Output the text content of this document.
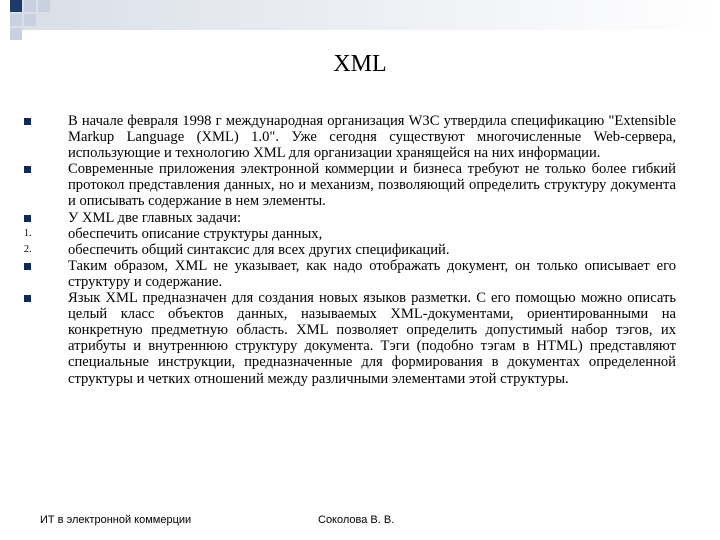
XML
В начале февраля 1998 г международная организация W3C утвердила спецификацию "Extensible Markup Language (XML) 1.0". Уже сегодня существуют многочисленные Web-сервера, использующие и технологию XML для организации хранящейся на них информации.
Современные приложения электронной коммерции и бизнеса требуют не только более гибкий протокол представления данных, но и механизм, позволяющий определить структуру документа и описывать содержание в нем элементы.
У XML две главных задачи:
1.	обеспечить описание структуры данных,
2.	обеспечить общий синтаксис для всех других спецификаций.
Таким образом, XML не указывает, как надо отображать документ, он только описывает его структуру и содержание.
Язык XML предназначен для создания новых языков разметки. С его помощью можно описать целый класс объектов данных, называемых XML-документами, ориентированными на конкретную предметную область. XML позволяет определить допустимый набор тэгов, их атрибуты и внутреннюю структуру документа. Тэги (подобно тэгам в HTML) представляют специальные инструкции, предназначенные для формирования в документах определенной структуры и четких отношений между различными элементами этой структуры.
ИТ в электронной коммерции	Соколова В. В.
